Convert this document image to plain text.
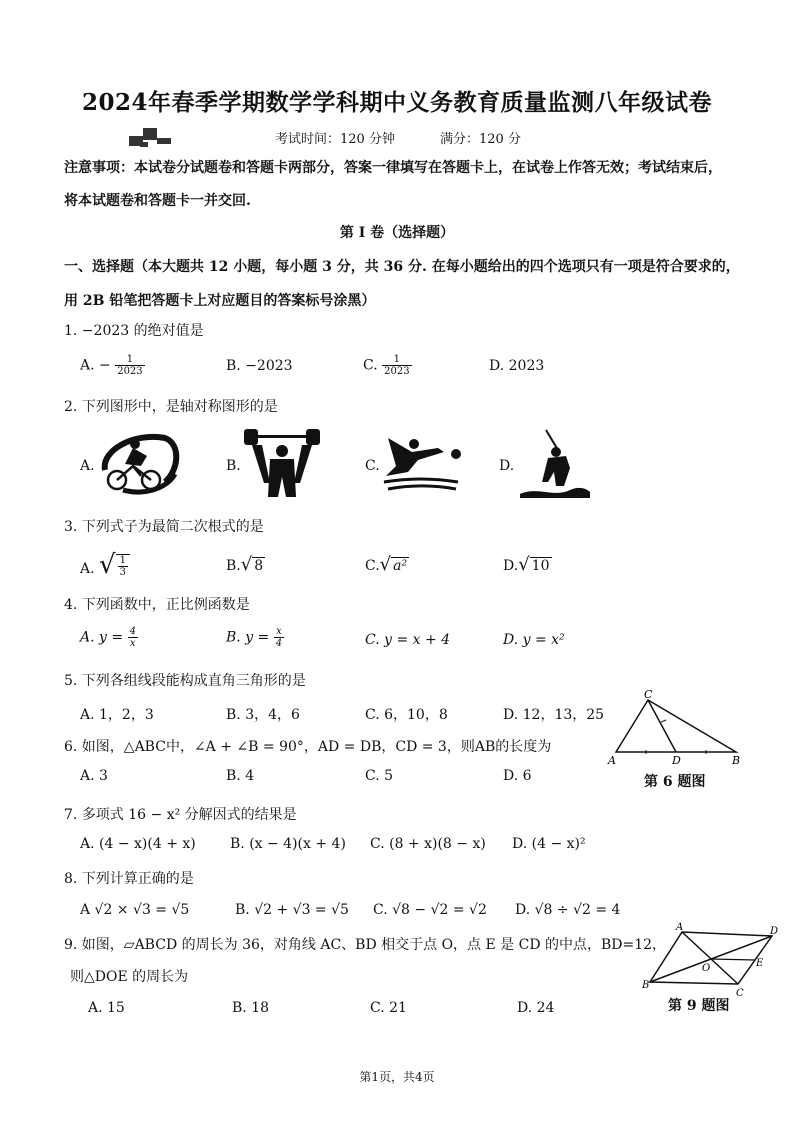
2024年春季学期数学学科期中义务教育质量监测八年级试卷
考试时间：120 分钟	满分：120 分
注意事项：本试卷分试题卷和答题卡两部分，答案一律填写在答题卡上，在试卷上作答无效；考试结束后，
将本试题卷和答题卡一并交回.
第 I 卷（选择题）
一、选择题（本大题共 12 小题，每小题 3 分，共 36 分. 在每小题给出的四个选项只有一项是符合要求的，
用 2B 铅笔把答题卡上对应题目的答案标号涂黑）
1. −2023 的绝对值是
A. − $\frac{1}{2023}$	B. −2023	C. $\frac{1}{2023}$	D. 2023
2. 下列图形中，是轴对称图形的是
A.	B.	C.	D.
3. 下列式子为最简二次根式的是
A. √ $\frac{1}{3}$	B. √ 8	C. √ a²	D. √ 10
4. 下列函数中，正比例函数是
A. $y = \frac{4}{x}$	B. $y = \frac{x}{4}$	C. y = x + 4	D. y = x²
5. 下列各组线段能构成直角三角形的是
A. 1，2，3	B. 3，4，6	C. 6，10，8	D. 12，13，25
6. 如图，△ABC中，∠A + ∠B = 90°，AD = DB，CD = 3，则AB的长度为
A. 3	B. 4	C. 5	D. 6
C
A	D	B
第 6 题图
7. 多项式 16 − x² 分解因式的结果是
A. (4 − x)(4 + x) B. (x − 4)(x + 4) C. (8 + x)(8 − x) D. (4 − x)²
8. 下列计算正确的是
A √2 × √3 = √5	B. √2 + √3 = √5 C. √8 − √2 = √2 D. √8 ÷ √2 = 4
9. 如图，▱ABCD 的周长为 36，对角线 AC、BD 相交于点 O，点 E 是 CD 的中点，BD=12，
则△DOE 的周长为
A. 15	B. 18	C. 21	D. 24
A	D
B
C
O	E
第 9 题图
第1页，共4页
